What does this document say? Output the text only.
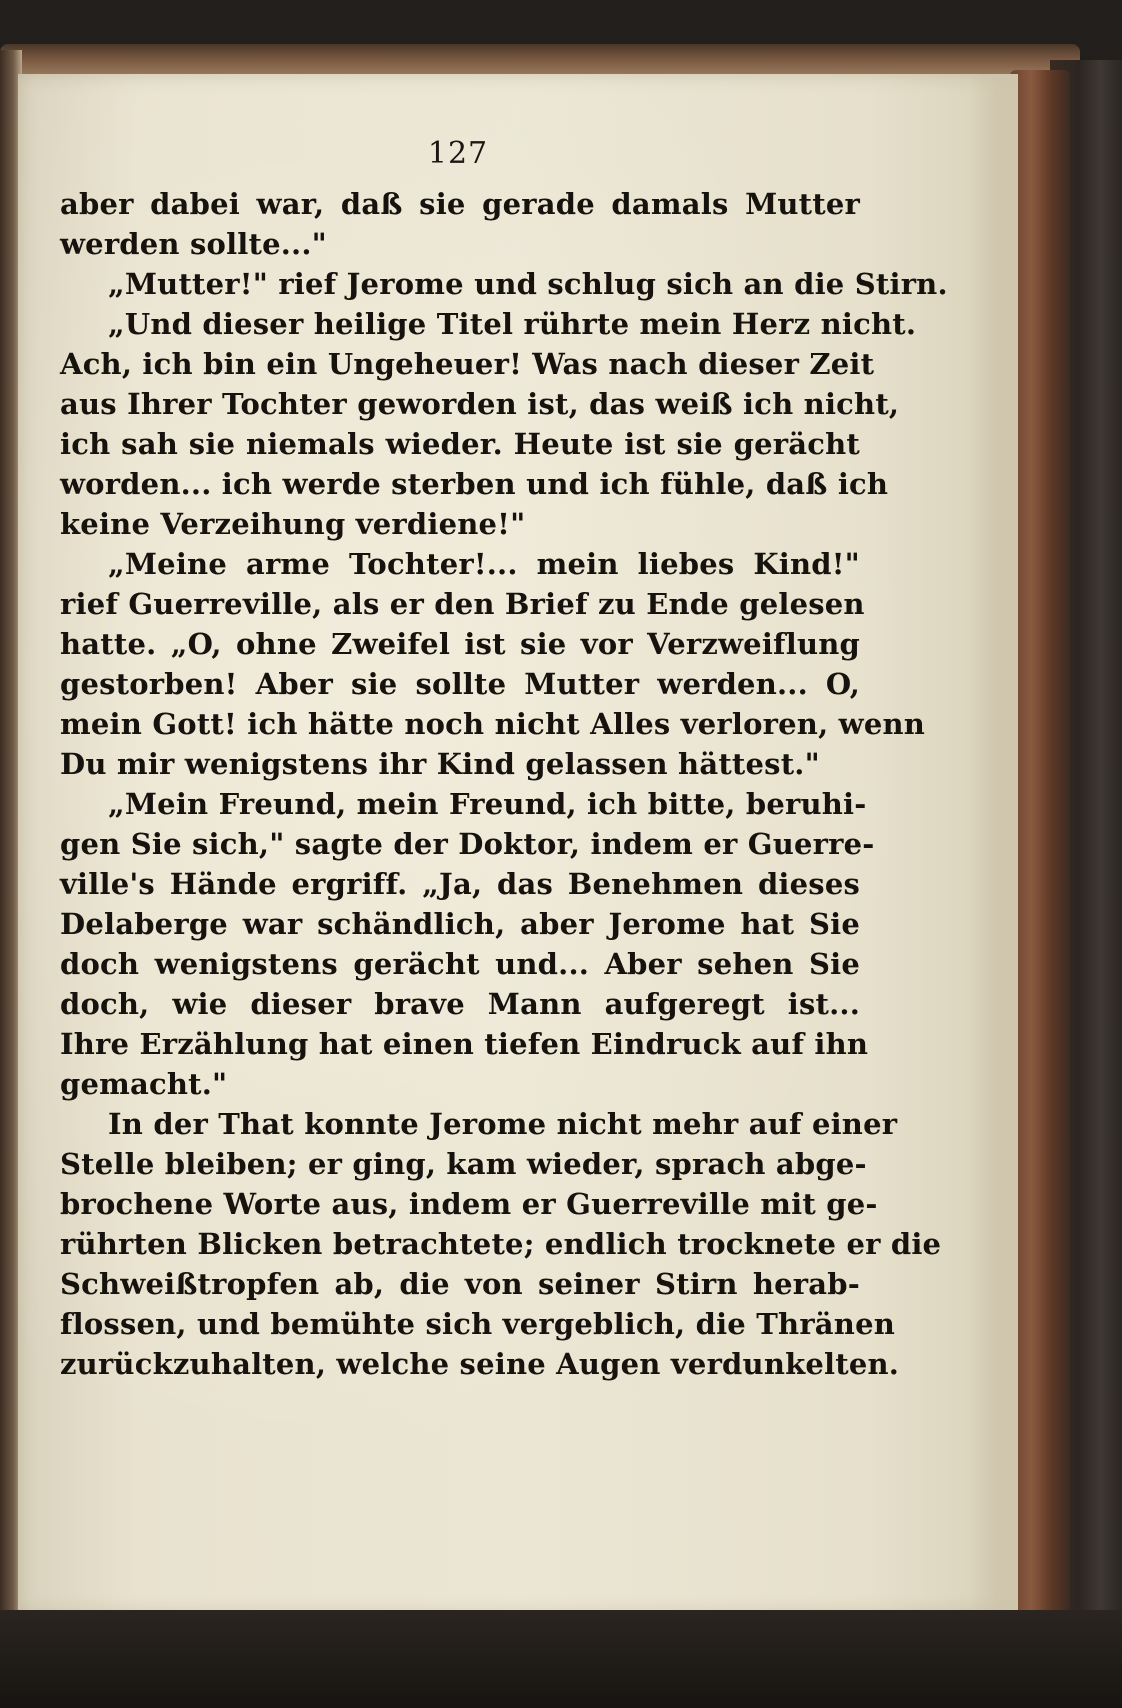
127
aber dabei war, daß sie gerade damals Mutter
werden sollte..."
„Mutter!" rief Jerome und schlug sich an die Stirn.
„Und dieser heilige Titel rührte mein Herz nicht.
Ach, ich bin ein Ungeheuer! Was nach dieser Zeit
aus Ihrer Tochter geworden ist, das weiß ich nicht,
ich sah sie niemals wieder. Heute ist sie gerächt
worden... ich werde sterben und ich fühle, daß ich
keine Verzeihung verdiene!"
„Meine arme Tochter!... mein liebes Kind!"
rief Guerreville, als er den Brief zu Ende gelesen
hatte. „O, ohne Zweifel ist sie vor Verzweiflung
gestorben! Aber sie sollte Mutter werden... O,
mein Gott! ich hätte noch nicht Alles verloren, wenn
Du mir wenigstens ihr Kind gelassen hättest."
„Mein Freund, mein Freund, ich bitte, beruhi-
gen Sie sich," sagte der Doktor, indem er Guerre-
ville's Hände ergriff. „Ja, das Benehmen dieses
Delaberge war schändlich, aber Jerome hat Sie
doch wenigstens gerächt und... Aber sehen Sie
doch, wie dieser brave Mann aufgeregt ist...
Ihre Erzählung hat einen tiefen Eindruck auf ihn
gemacht."
In der That konnte Jerome nicht mehr auf einer
Stelle bleiben; er ging, kam wieder, sprach abge-
brochene Worte aus, indem er Guerreville mit ge-
rührten Blicken betrachtete; endlich trocknete er die
Schweißtropfen ab, die von seiner Stirn herab-
flossen, und bemühte sich vergeblich, die Thränen
zurückzuhalten, welche seine Augen verdunkelten.
